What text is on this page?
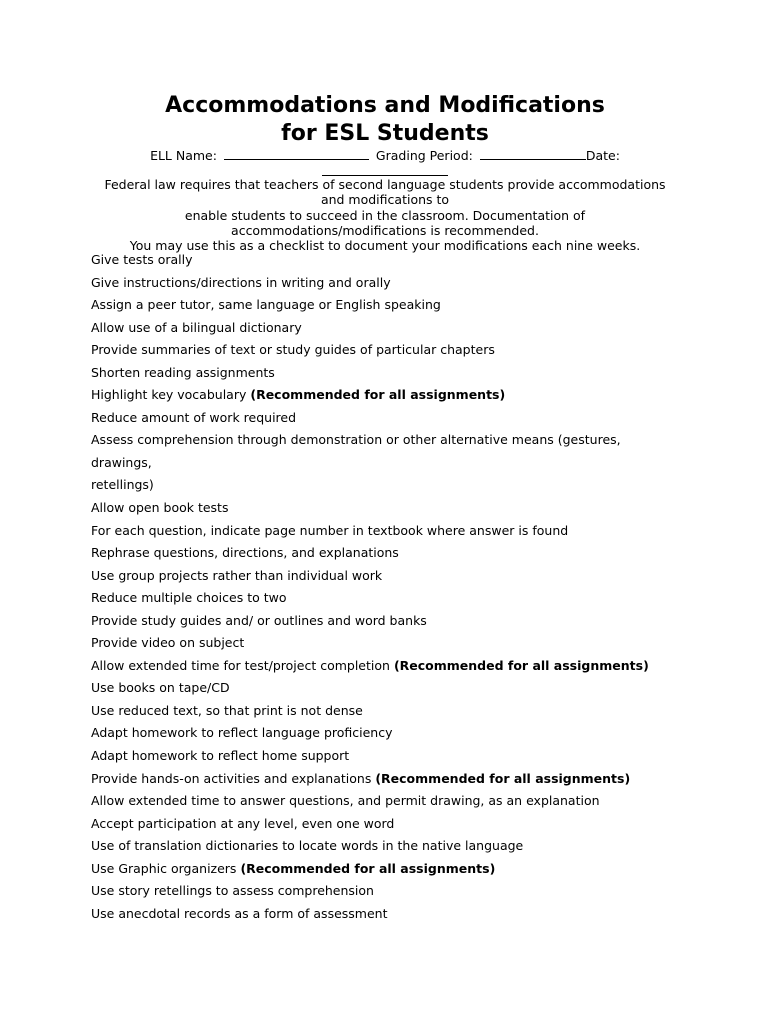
Accommodations and Modifications
for ESL Students
ELL Name:	Grading Period:	Date:
Federal law requires that teachers of second language students provide accommodations
and modifications to
enable students to succeed in the classroom. Documentation of
accommodations/modifications is recommended.
You may use this as a checklist to document your modifications each nine weeks.
Give tests orally
Give instructions/directions in writing and orally
Assign a peer tutor, same language or English speaking
Allow use of a bilingual dictionary
Provide summaries of text or study guides of particular chapters
Shorten reading assignments
Highlight key vocabulary (Recommended for all assignments)
Reduce amount of work required
Assess comprehension through demonstration or other alternative means (gestures,
drawings,
retellings)
Allow open book tests
For each question, indicate page number in textbook where answer is found
Rephrase questions, directions, and explanations
Use group projects rather than individual work
Reduce multiple choices to two
Provide study guides and/ or outlines and word banks
Provide video on subject
Allow extended time for test/project completion (Recommended for all assignments)
Use books on tape/CD
Use reduced text, so that print is not dense
Adapt homework to reflect language proficiency
Adapt homework to reflect home support
Provide hands-on activities and explanations (Recommended for all assignments)
Allow extended time to answer questions, and permit drawing, as an explanation
Accept participation at any level, even one word
Use of translation dictionaries to locate words in the native language
Use Graphic organizers (Recommended for all assignments)
Use story retellings to assess comprehension
Use anecdotal records as a form of assessment
